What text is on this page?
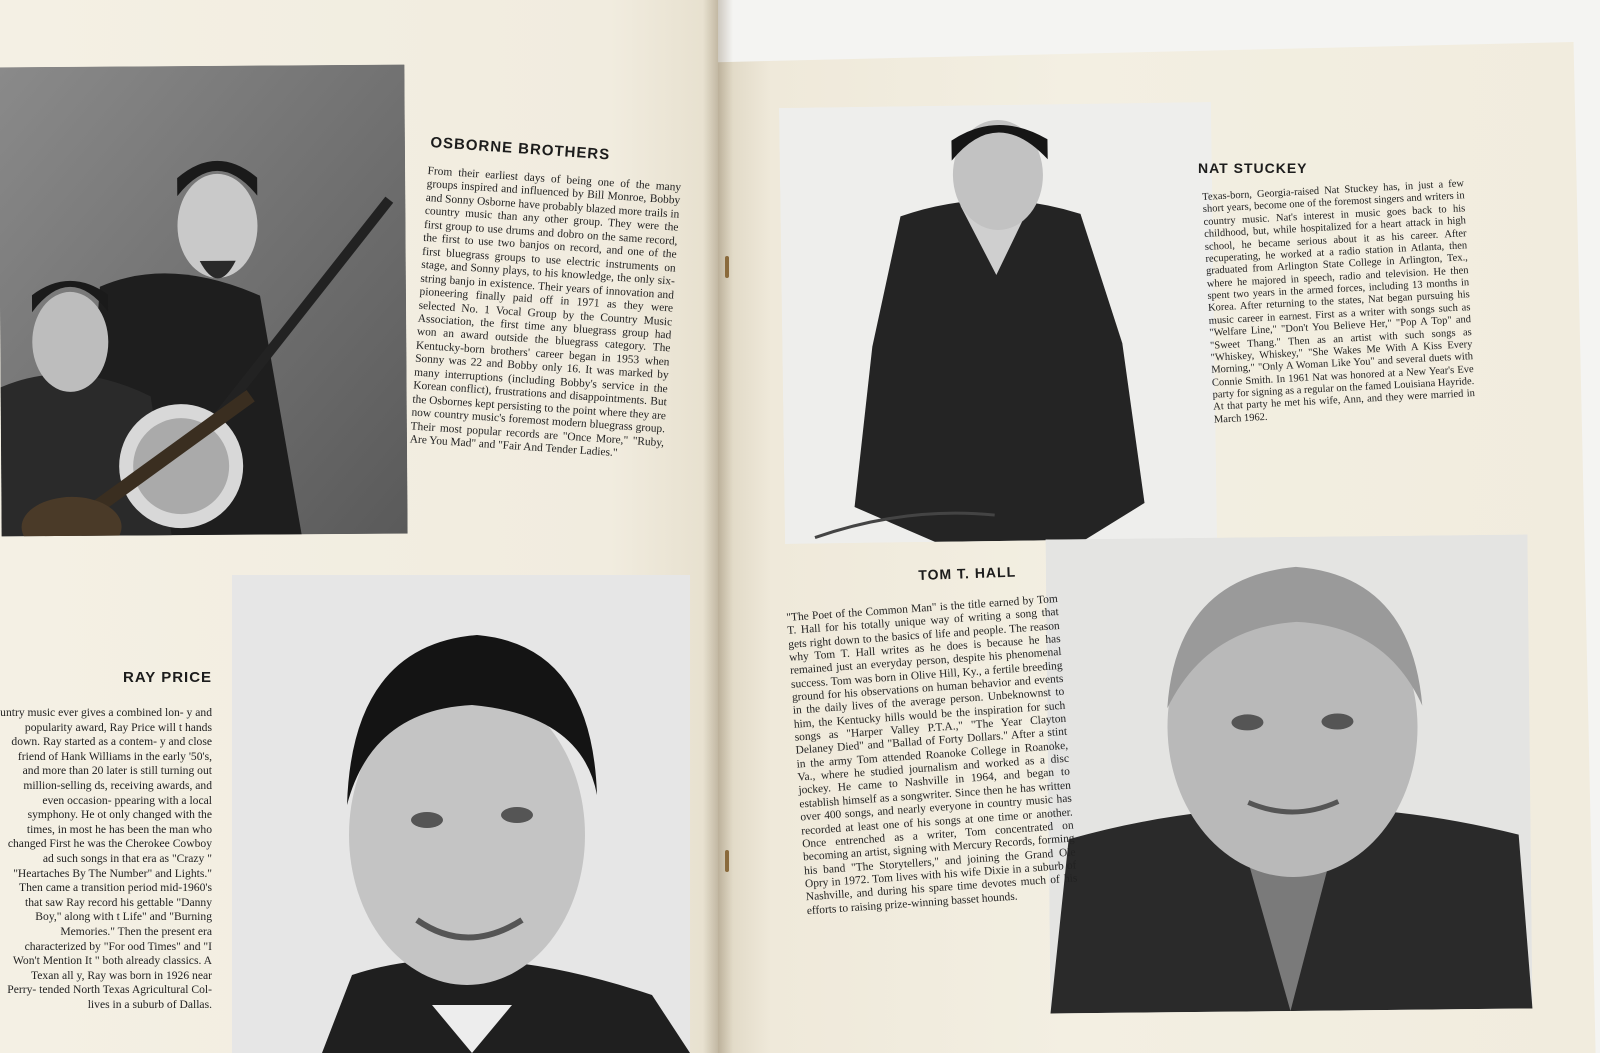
OSBORNE BROTHERS
From their earliest days of being one of the many groups inspired and influenced by Bill Monroe, Bobby and Sonny Osborne have probably blazed more trails in country music than any other group. They were the first group to use drums and dobro on the same record, the first to use two banjos on record, and one of the first bluegrass groups to use electric instruments on stage, and Sonny plays, to his knowledge, the only six-string banjo in existence. Their years of innovation and pioneering finally paid off in 1971 as they were selected No. 1 Vocal Group by the Country Music Association, the first time any bluegrass group had won an award outside the bluegrass category. The Kentucky-born brothers' career began in 1953 when Sonny was 22 and Bobby only 16. It was marked by many interruptions (including Bobby's service in the Korean conflict), frustrations and disappointments. But the Osbornes kept persisting to the point where they are now country music's foremost modern bluegrass group. Their most popular records are "Once More," "Ruby, Are You Mad" and "Fair And Tender Ladies."
RAY PRICE
untry music ever gives a combined lon- y and popularity award, Ray Price will t hands down. Ray started as a contem- y and close friend of Hank Williams in the early '50's, and more than 20 later is still turning out million-selling ds, receiving awards, and even occasion- ppearing with a local symphony. He ot only changed with the times, in most he has been the man who changed First he was the Cherokee Cowboy ad such songs in that era as "Crazy " "Heartaches By The Number" and Lights." Then came a transition period mid-1960's that saw Ray record his gettable "Danny Boy," along with t Life" and "Burning Memories." Then the present era characterized by "For ood Times" and "I Won't Mention It " both already classics. A Texan all y, Ray was born in 1926 near Perry- tended North Texas Agricultural Col- lives in a suburb of Dallas.
NAT STUCKEY
Texas-born, Georgia-raised Nat Stuckey has, in just a few short years, become one of the foremost singers and writers in country music. Nat's interest in music goes back to his childhood, but, while hospitalized for a heart attack in high school, he became serious about it as his career. After recuperating, he worked at a radio station in Atlanta, then graduated from Arlington State College in Arlington, Tex., where he majored in speech, radio and television. He then spent two years in the armed forces, including 13 months in Korea. After returning to the states, Nat began pursuing his music career in earnest. First as a writer with songs such as "Welfare Line," "Don't You Believe Her," "Pop A Top" and "Sweet Thang." Then as an artist with such songs as "Whiskey, Whiskey," "She Wakes Me With A Kiss Every Morning," "Only A Woman Like You" and several duets with Connie Smith. In 1961 Nat was honored at a New Year's Eve party for signing as a regular on the famed Louisiana Hayride. At that party he met his wife, Ann, and they were married in March 1962.
TOM T. HALL
"The Poet of the Common Man" is the title earned by Tom T. Hall for his totally unique way of writing a song that gets right down to the basics of life and people. The reason why Tom T. Hall writes as he does is because he has remained just an everyday person, despite his phenomenal success. Tom was born in Olive Hill, Ky., a fertile breeding ground for his observations on human behavior and events in the daily lives of the average person. Unbeknownst to him, the Kentucky hills would be the inspiration for such songs as "Harper Valley P.T.A.," "The Year Clayton Delaney Died" and "Ballad of Forty Dollars." After a stint in the army Tom attended Roanoke College in Roanoke, Va., where he studied journalism and worked as a disc jockey. He came to Nashville in 1964, and began to establish himself as a songwriter. Since then he has written over 400 songs, and nearly everyone in country music has recorded at least one of his songs at one time or another. Once entrenched as a writer, Tom concentrated on becoming an artist, signing with Mercury Records, forming his band "The Storytellers," and joining the Grand Ole Opry in 1972. Tom lives with his wife Dixie in a suburb of Nashville, and during his spare time devotes much of his efforts to raising prize-winning basset hounds.
